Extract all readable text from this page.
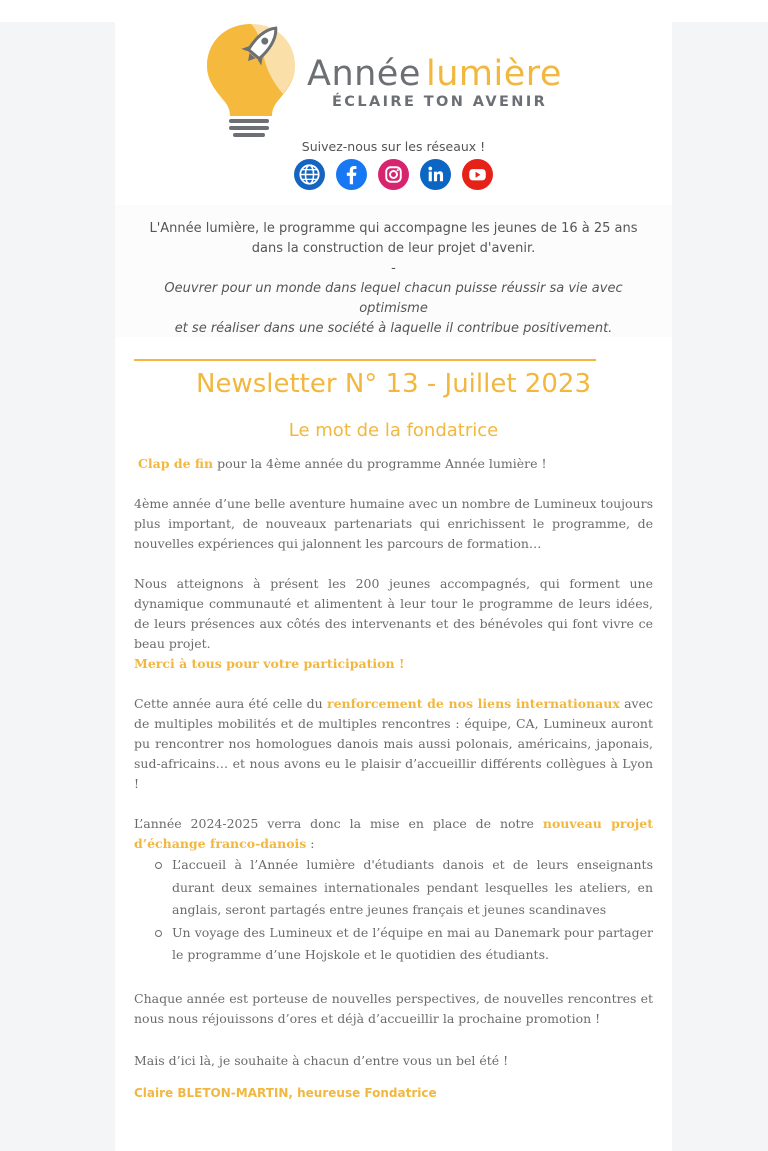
Année lumière
ÉCLAIRE TON AVENIR
Suivez-nous sur les réseaux !
L'Année lumière, le programme qui accompagne les jeunes de 16 à 25 ans
dans la construction de leur projet d'avenir.
-
Oeuvrer pour un monde dans lequel chacun puisse réussir sa vie avec
optimisme
et se réaliser dans une société à laquelle il contribue positivement.
Newsletter N° 13 - Juillet 2023
Le mot de la fondatrice

Clap de fin pour la 4ème année du programme Année lumière !

4ème année d’une belle aventure humaine avec un nombre de Lumineux toujours plus important, de nouveaux partenariats qui enrichissent le programme, de nouvelles expériences qui jalonnent les parcours de formation…

Nous atteignons à présent les 200 jeunes accompagnés, qui forment une dynamique communauté et alimentent à leur tour le programme de leurs idées, de leurs présences aux côtés des intervenants et des bénévoles qui font vivre ce beau projet.

Merci à tous pour votre participation !

Cette année aura été celle du renforcement de nos liens internationaux avec de multiples mobilités et de multiples rencontres : équipe, CA, Lumineux auront pu rencontrer nos homologues danois mais aussi polonais, américains, japonais, sud-africains… et nous avons eu le plaisir d’accueillir différents collègues à Lyon !

L’année 2024-2025 verra donc la mise en place de notre nouveau projet d’échange franco-danois :

L’accueil à l’Année lumière d'étudiants danois et de leurs enseignants durant deux semaines internationales pendant lesquelles les ateliers, en anglais, seront partagés entre jeunes français et jeunes scandinaves
Un voyage des Lumineux et de l’équipe en mai au Danemark pour partager le programme d’une Hojskole et le quotidien des étudiants.

Chaque année est porteuse de nouvelles perspectives, de nouvelles rencontres et nous nous réjouissons d’ores et déjà d’accueillir la prochaine promotion !

Mais d’ici là, je souhaite à chacun d’entre vous un bel été !

Claire BLETON-MARTIN, heureuse Fondatrice
